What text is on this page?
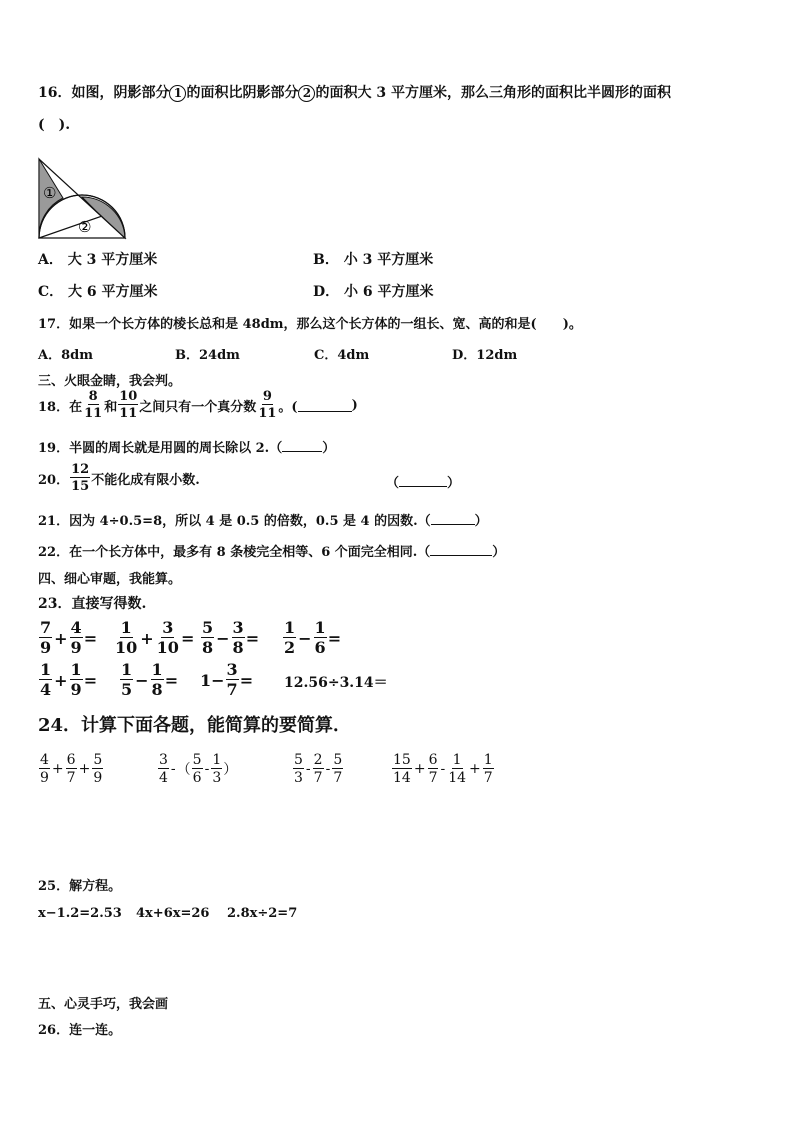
16．如图，阴影部分 1 的面积比阴影部分 2 的面积大 3 平方厘米，那么三角形的面积比半圆形的面积
(　).
①
②
A． 大 3 平方厘米	B． 小 3 平方厘米
C． 大 6 平方厘米	D． 小 6 平方厘米
17．如果一个长方体的棱长总和是 48dm，那么这个长方体的一组长、宽、高的和是(　　)。
A．8dm	B．24dm	C．4dm	D．12dm
三、火眼金睛，我会判。
18．在 $\frac{8}{11}$ 和 $\frac{10}{11}$ 之间只有一个真分数 $\frac{9}{11}$ 。(	)
19．半圆的周长就是用圆的周长除以 2.（	）
20． $\frac{12}{15}$ 不能化成有限小数.	（	）
21．因为 4÷0.5=8，所以 4 是 0.5 的倍数，0.5 是 4 的因数.（	）
22．在一个长方体中，最多有 8 条棱完全相等、6 个面完全相同.（	）
四、细心审题，我能算。
23．直接写得数.
$\frac{7}{9} + \frac{4}{9} = \frac{1}{10} + \frac{3}{10} = \frac{5}{8} - \frac{3}{8} = \frac{1}{2} - \frac{1}{6}$ =
$\frac{1}{4} + \frac{1}{9} = \frac{1}{5} - \frac{1}{8} = 1- \frac{3}{7} = 12.56\div 3.14=$
24．计算下面各题，能简算的要简算．
$\frac{4}{9} + \frac{6}{7} + \frac{5}{9}$	$\frac{3}{4}$ - （ $\frac{5}{6} - \frac{1}{3}$ ）	$\frac{5}{3} - \frac{2}{7} - \frac{5}{7}$	$\frac{15}{14} + \frac{6}{7} - \frac{1}{14} + \frac{1}{7}$
25．解方程。
x−1.2=2.53 4x+6x=26 2.8x÷2=7
五、心灵手巧，我会画
26．连一连。
